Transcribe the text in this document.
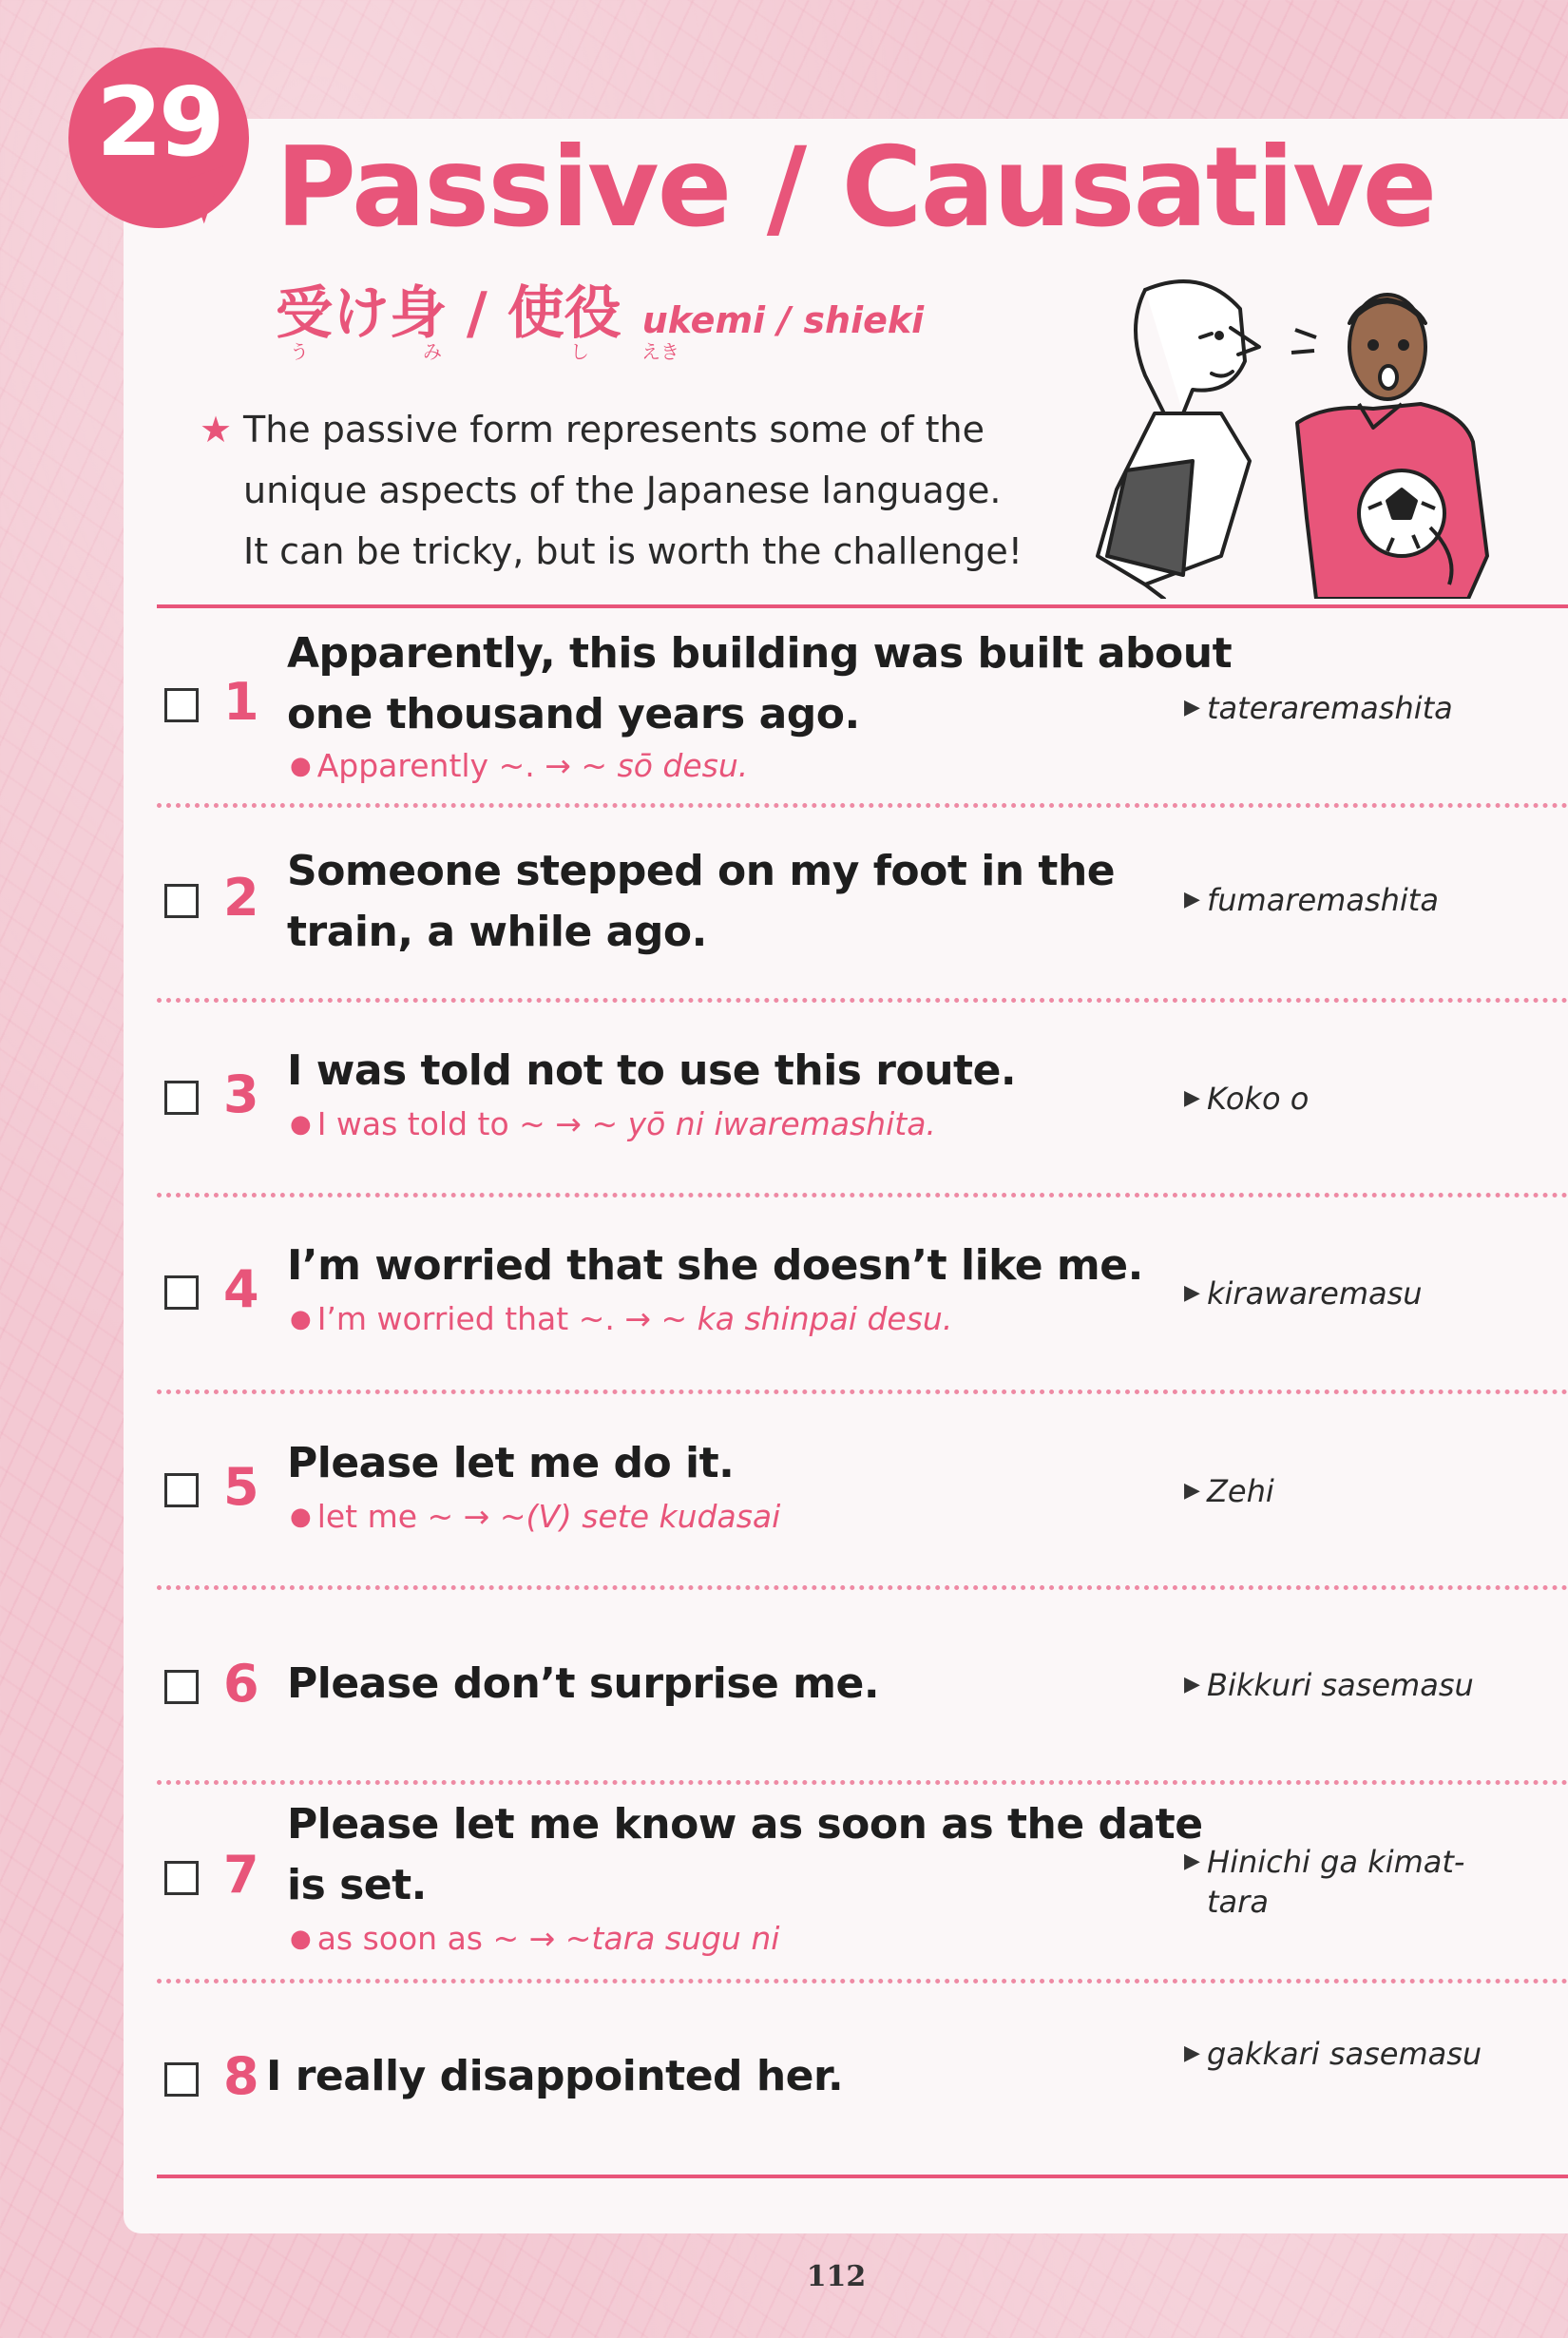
29
Passive / Causative
受け身 / 使役 ukemi / shieki
う	み	し	えき
★ The passive form represents some of the
unique aspects of the Japanese language.
It can be tricky, but is worth the challenge!
1
Apparently, this building was built about one thousand years ago.
● Apparently ~. → ~ sō desu.
▶ tateraremashita
2 Someone stepped on my foot in the train, a while ago.
▶ fumaremashita
3 I was told not to use this route.
● I was told to ~ → ~ yō ni iwaremashita.
▶ Koko o
4 I’m worried that she doesn’t like me.
● I’m worried that ~. → ~ ka shinpai desu.
▶ kirawaremasu
5 Please let me do it.
● let me ~ → ~(V) sete kudasai
▶ Zehi
6 Please don’t surprise me.	▶ Bikkuri sasemasu
7
Please let me know as soon as the date is set.
● as soon as ~ → ~tara sugu ni
▶ Hinichi ga kimat-tara
8 I really disappointed her.	▶ gakkari sasemasu
112
